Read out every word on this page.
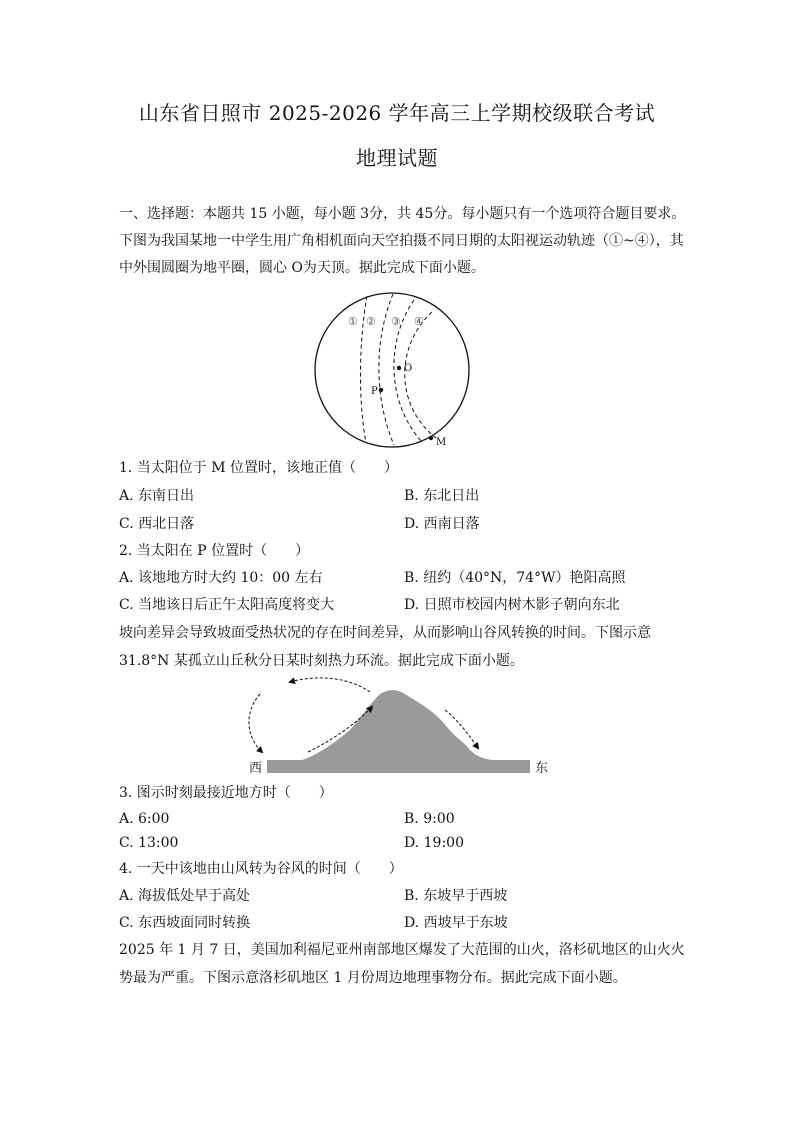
山东省日照市 2025-2026 学年高三上学期校级联合考试
地理试题
一、选择题：本题共 15 小题，每小题 3分，共 45分。每小题只有一个选项符合题目要求。
下图为我国某地一中学生用广角相机面向天空拍摄不同日期的太阳视运动轨迹（①~④），其
中外围圆圈为地平圈，圆心 O为天顶。据此完成下面小题。
① ② ③ ④
O
P
M
1. 当太阳位于 M 位置时，该地正值（　　）
A. 东南日出	B. 东北日出
C. 西北日落	D. 西南日落
2. 当太阳在 P 位置时（　　）
A. 该地地方时大约 10：00 左右	B. 纽约（40°N，74°W）艳阳高照
C. 当地该日后正午太阳高度将变大	D. 日照市校园内树木影子朝向东北
坡向差异会导致坡面受热状况的存在时间差异，从而影响山谷风转换的时间。下图示意
31.8°N 某孤立山丘秋分日某时刻热力环流。据此完成下面小题。
西	东
3. 图示时刻最接近地方时（　　）
A. 6:00	B. 9:00
C. 13:00	D. 19:00
4. 一天中该地由山风转为谷风的时间（　　）
A. 海拔低处早于高处	B. 东坡早于西坡
C. 东西坡面同时转换	D. 西坡早于东坡
2025 年 1 月 7 日，美国加利福尼亚州南部地区爆发了大范围的山火，洛杉矶地区的山火火
势最为严重。下图示意洛杉矶地区 1 月份周边地理事物分布。据此完成下面小题。
